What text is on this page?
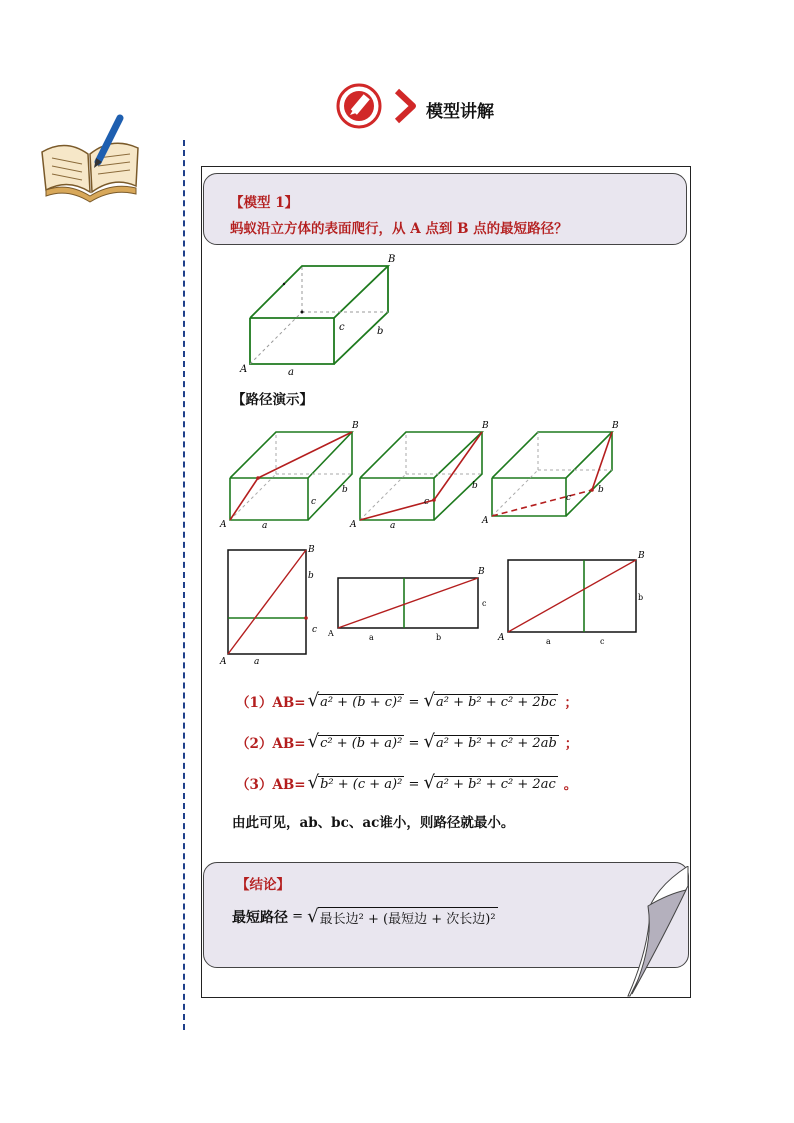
模型讲解
【模型 1】
蚂蚁沿立方体的表面爬行，从 A 点到 B 点的最短路径？
A
B
a
c	b
【路径演示】
A
B
a
c
b
A
B
a
c
b
A
B
c
b
A
B
a
b
c A
B
a	b
c
A
B
a	c
b
（1）AB= √a² + (b + c)² = √a² + b² + c² + 2bc ；
（2）AB= √c² + (b + a)² = √a² + b² + c² + 2ab ；
（3）AB= √b² + (c + a)² = √a² + b² + c² + 2ac 。
由此可见，ab、bc、ac谁小，则路径就最小。
【结论】
最短路径 = √ 最长边² + (最短边 + 次长边)²
